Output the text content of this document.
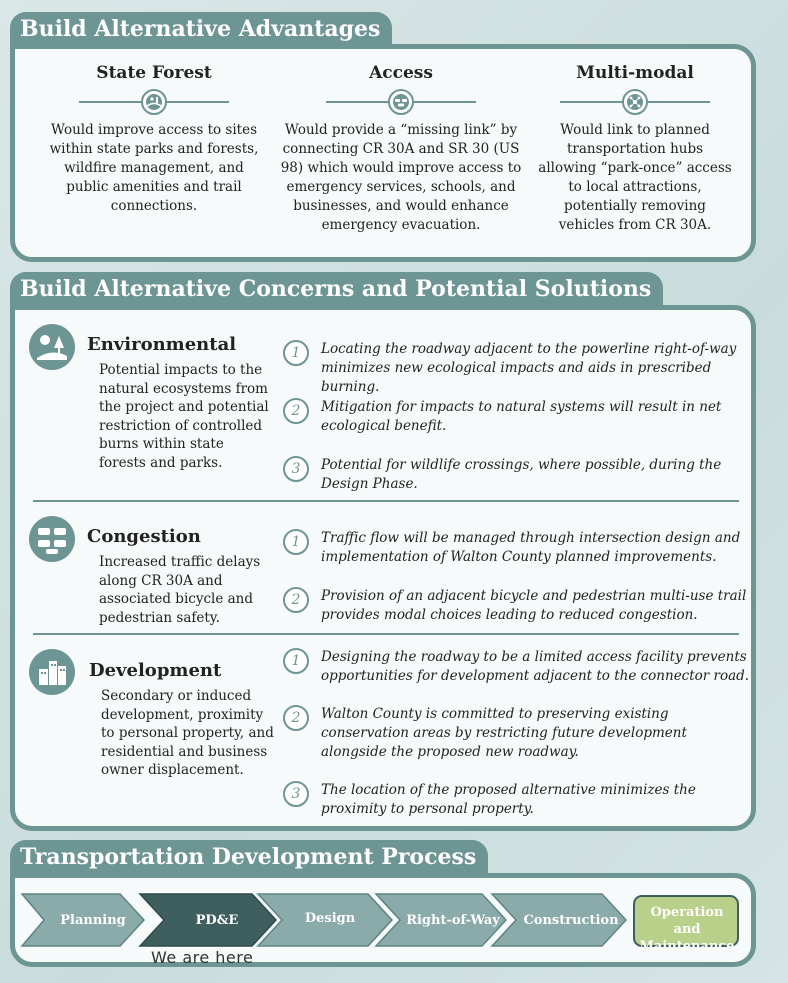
Build Alternative Advantages
State Forest
Would improve access to sites within state parks and forests, wildfire management, and public amenities and trail connections.
Access
Would provide a “missing link” by connecting CR 30A and SR 30 (US 98) which would improve access to emergency services, schools, and businesses, and would enhance emergency evacuation.
Multi-modal
Would link to planned transportation hubs allowing “park-once” access to local attractions, potentially removing vehicles from CR 30A.
Build Alternative Concerns and Potential Solutions
Environmental
Potential impacts to the natural ecosystems from the project and potential restriction of controlled burns within state forests and parks.
1	Locating the roadway adjacent to the powerline right-of-way minimizes new ecological impacts and aids in prescribed burning.
2	Mitigation for impacts to natural systems will result in net ecological benefit.
3	Potential for wildlife crossings, where possible, during the Design Phase.
Congestion
Increased traffic delays along CR 30A and associated bicycle and pedestrian safety.
1	Traffic flow will be managed through intersection design and implementation of Walton County planned improvements.
2	Provision of an adjacent bicycle and pedestrian multi-use trail provides modal choices leading to reduced congestion.
Development
Secondary or induced development, proximity to personal property, and residential and business owner displacement.
1	Designing the roadway to be a limited access facility prevents opportunities for development adjacent to the connector road.
2	Walton County is committed to preserving existing conservation areas by restricting future development alongside the proposed new roadway.
3	The location of the proposed alternative minimizes the proximity to personal property.
Transportation Development Process
Planning	PD&E	Design	Right-of-Way Construction
Operation and Maintenance
We are here
